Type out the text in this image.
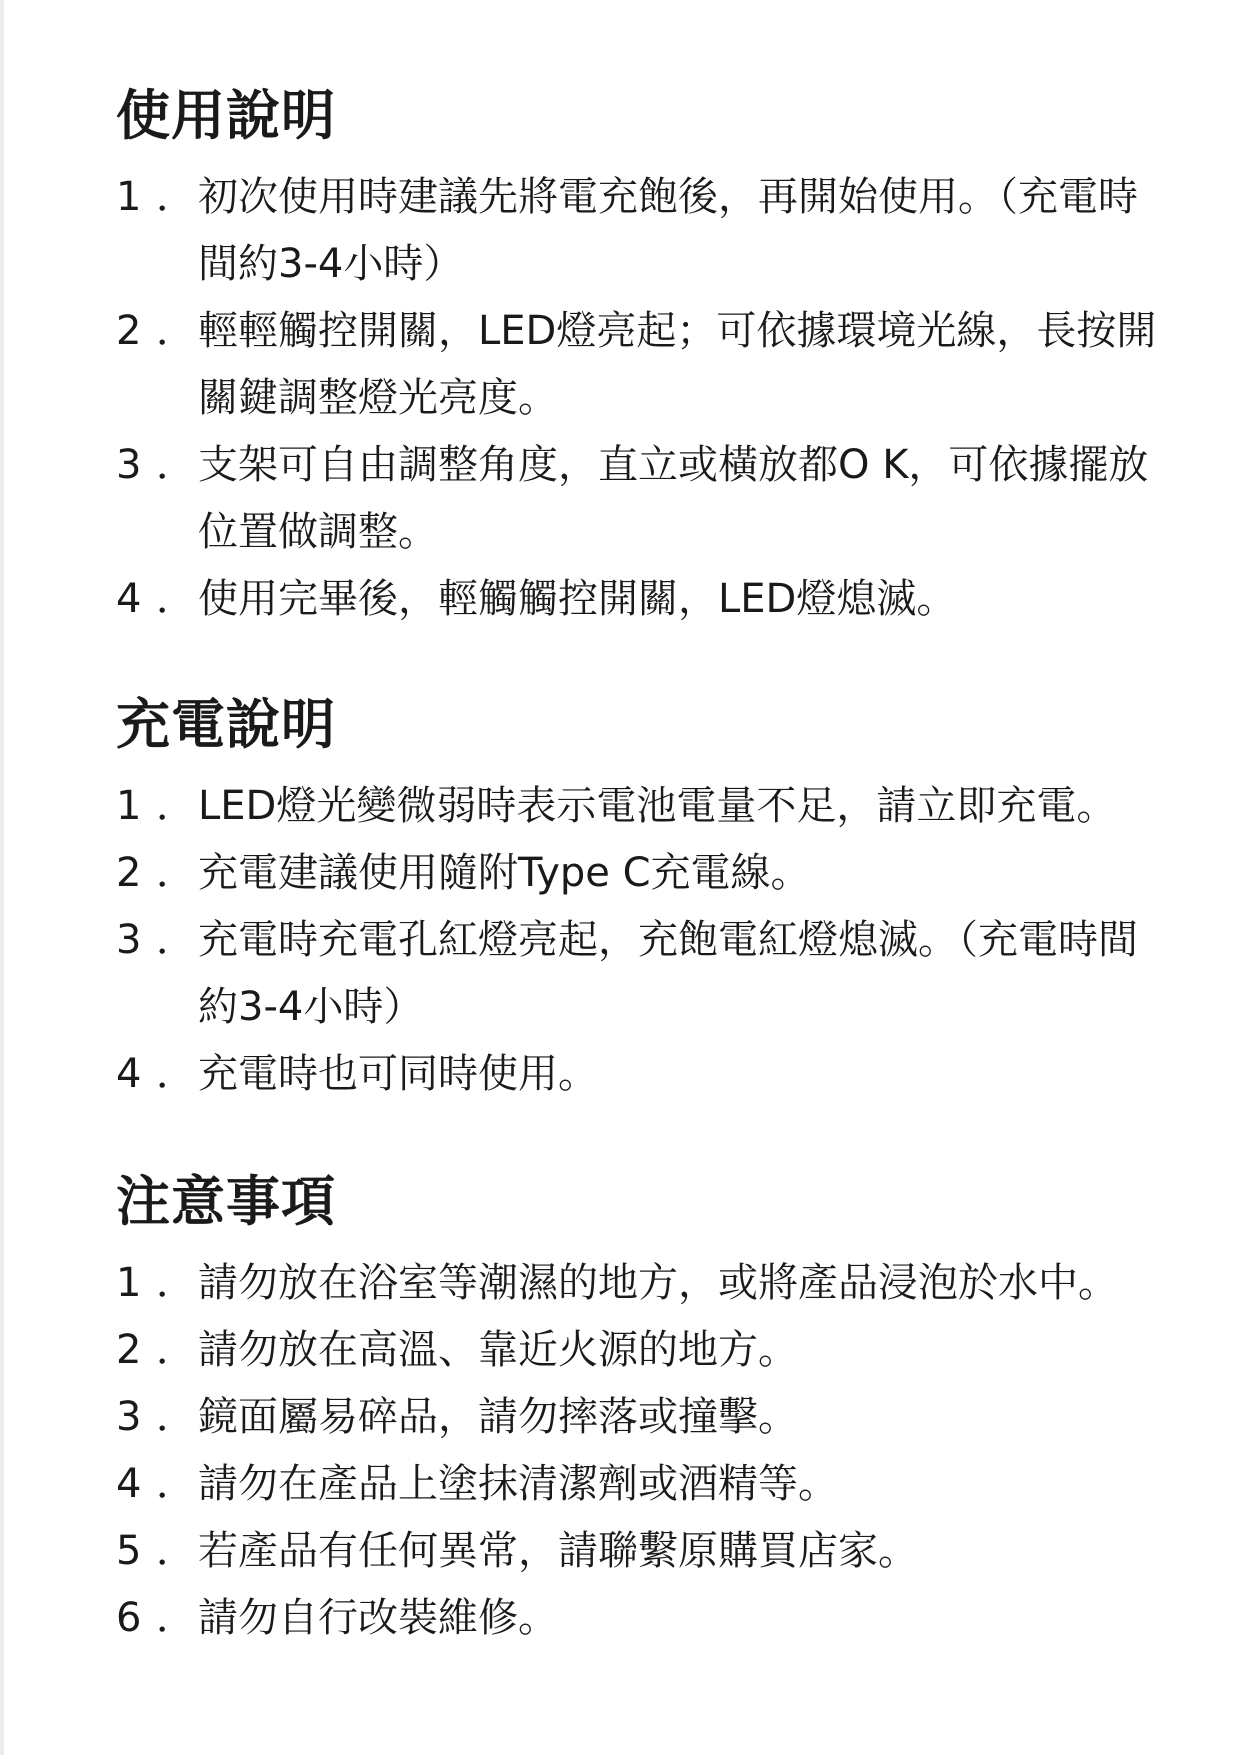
使用說明
1 ． 初次使用時建議先將電充飽後，再開始使用。（充電時間約3-4小時）
2 ． 輕輕觸控開關，LED燈亮起；可依據環境光線，長按開關鍵調整燈光亮度。
3 ． 支架可自由調整角度，直立或橫放都O K，可依據擺放位置做調整。
4 ． 使用完畢後，輕觸觸控開關，LED燈熄滅。
充電說明
1 ． LED燈光變微弱時表示電池電量不足，請立即充電。
2 ． 充電建議使用隨附Type C充電線。
3 ． 充電時充電孔紅燈亮起，充飽電紅燈熄滅。（充電時間約3-4小時）
4 ． 充電時也可同時使用。
注意事項
1 ． 請勿放在浴室等潮濕的地方，或將產品浸泡於水中。
2 ． 請勿放在高溫、靠近火源的地方。
3 ． 鏡面屬易碎品，請勿摔落或撞擊。
4 ． 請勿在產品上塗抹清潔劑或酒精等。
5 ． 若產品有任何異常，請聯繫原購買店家。
6 ． 請勿自行改裝維修。
